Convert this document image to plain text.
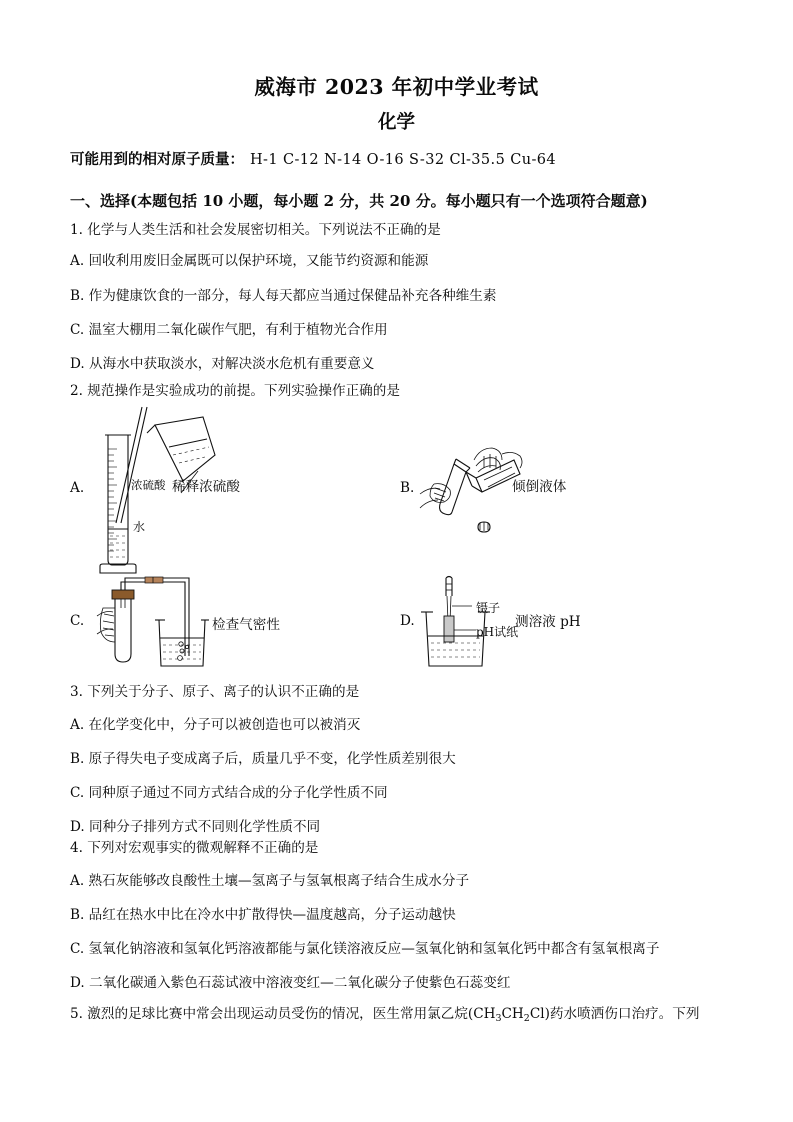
威海市 2023 年初中学业考试
化学
可能用到的相对原子质量： H-1 C-12 N-14 O-16 S-32 Cl-35.5 Cu-64
一、选择(本题包括 10 小题，每小题 2 分，共 20 分。每小题只有一个选项符合题意)
1. 化学与人类生活和社会发展密切相关。下列说法不正确的是
A. 回收利用废旧金属既可以保护环境，又能节约资源和能源
B. 作为健康饮食的一部分，每人每天都应当通过保健品补充各种维生素
C. 温室大棚用二氧化碳作气肥，有利于植物光合作用
D. 从海水中获取淡水，对解决淡水危机有重要意义
2. 规范操作是实验成功的前提。下列实验操作正确的是
A.	浓硫酸 稀释浓硫酸
水
B.	倾倒液体
C.	检查气密性	D.
镊子
pH试纸
测溶液 pH
3. 下列关于分子、原子、离子的认识不正确的是
A. 在化学变化中，分子可以被创造也可以被消灭
B. 原子得失电子变成离子后，质量几乎不变，化学性质差别很大
C. 同种原子通过不同方式结合成的分子化学性质不同
D. 同种分子排列方式不同则化学性质不同
4. 下列对宏观事实的微观解释不正确的是
A. 熟石灰能够改良酸性土壤—氢离子与氢氧根离子结合生成水分子
B. 品红在热水中比在冷水中扩散得快—温度越高，分子运动越快
C. 氢氧化钠溶液和氢氧化钙溶液都能与氯化镁溶液反应—氢氧化钠和氢氧化钙中都含有氢氧根离子
D. 二氧化碳通入紫色石蕊试液中溶液变红—二氧化碳分子使紫色石蕊变红
5. 激烈的足球比赛中常会出现运动员受伤的情况，医生常用氯乙烷$(CH_3CH_2Cl)$药水喷洒伤口治疗。下列
